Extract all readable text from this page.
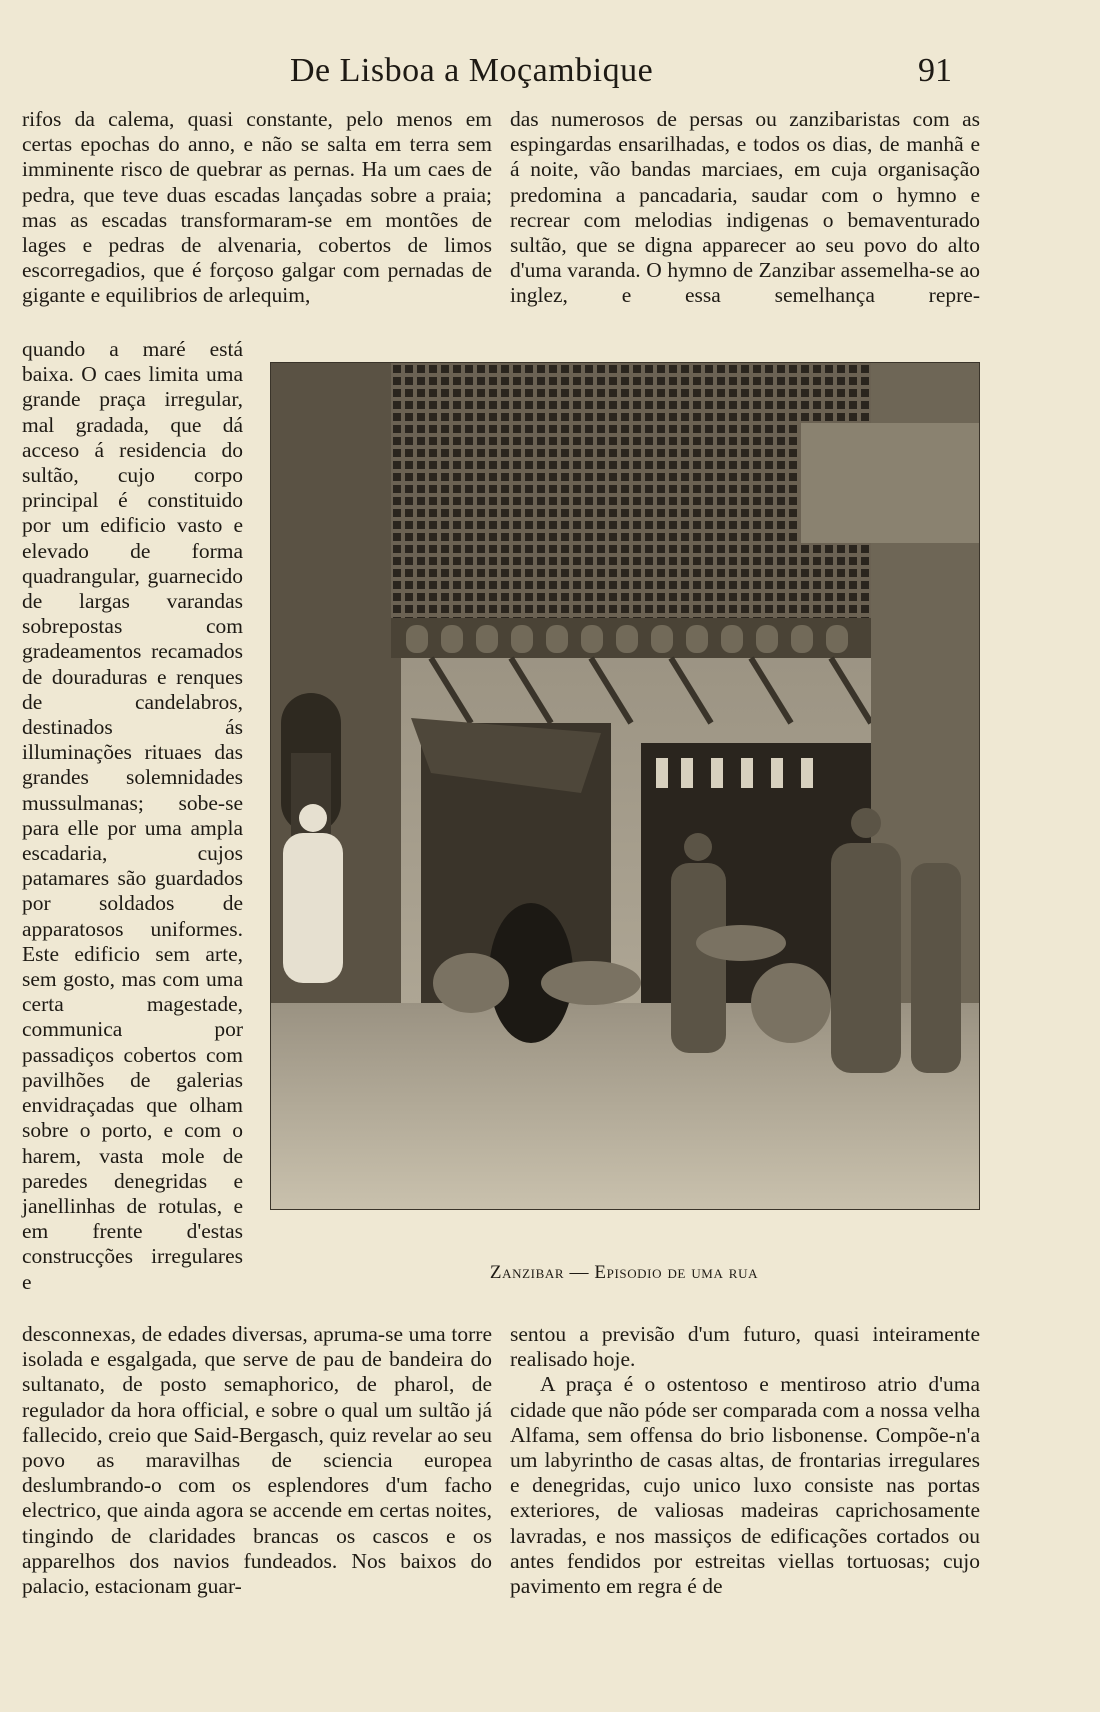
De Lisboa a Moçambique	91

rifos da calema, quasi constante, pelo menos em certas epochas do anno, e não se salta em terra sem imminente risco de quebrar as pernas. Ha um caes de pedra, que teve duas escadas lançadas sobre a praia; mas as escadas transformaram-se em montões de lages e pedras de alvenaria, cobertos de limos escorregadios, que é forçoso galgar com pernadas de gigante e equilibrios de arlequim,

quando a maré está baixa. O caes limita uma grande praça irregular, mal gradada, que dá acceso á residencia do sultão, cujo corpo principal é constituido por um edificio vasto e elevado de forma quadrangular, guarnecido de largas varandas sobrepostas com gradeamentos recamados de douraduras e renques de candelabros, destinados ás illuminações rituaes das grandes solemnidades mussulmanas; sobe-se para elle por uma ampla escadaria, cujos patamares são guardados por soldados de apparatosos uniformes. Este edificio sem arte, sem gosto, mas com uma certa magestade, communica por passadiços cobertos com pavilhões de galerias envidraçadas que olham sobre o porto, e com o harem, vasta mole de paredes denegridas e janellinhas de rotulas, e em frente d'estas construcções irregulares e

das numerosos de persas ou zanzibaristas com as espingardas ensarilhadas, e todos os dias, de manhã e á noite, vão bandas marciaes, em cuja organisação predomina a pancadaria, saudar com o hymno e recrear com melodias indigenas o bemaventurado sultão, que se digna apparecer ao seu povo do alto d'uma varanda. O hymno de Zanzibar assemelha-se ao inglez, e essa semelhança repre-

Zanzibar — Episodio de uma rua

desconnexas, de edades diversas, apruma-se uma torre isolada e esgalgada, que serve de pau de bandeira do sultanato, de posto semaphorico, de pharol, de regulador da hora official, e sobre o qual um sultão já fallecido, creio que Said-Bergasch, quiz revelar ao seu povo as maravilhas de sciencia europea deslumbrando-o com os esplendores d'um facho electrico, que ainda agora se accende em certas noites, tingindo de claridades brancas os cascos e os apparelhos dos navios fundeados. Nos baixos do palacio, estacionam guar-

sentou a previsão d'um futuro, quasi inteiramente realisado hoje.

A praça é o ostentoso e mentiroso atrio d'uma cidade que não póde ser comparada com a nossa velha Alfama, sem offensa do brio lisbonense. Compõe-n'a um labyrintho de casas altas, de frontarias irregulares e denegridas, cujo unico luxo consiste nas portas exteriores, de valiosas madeiras caprichosamente lavradas, e nos massiços de edificações cortados ou antes fendidos por estreitas viellas tortuosas; cujo pavimento em regra é de
